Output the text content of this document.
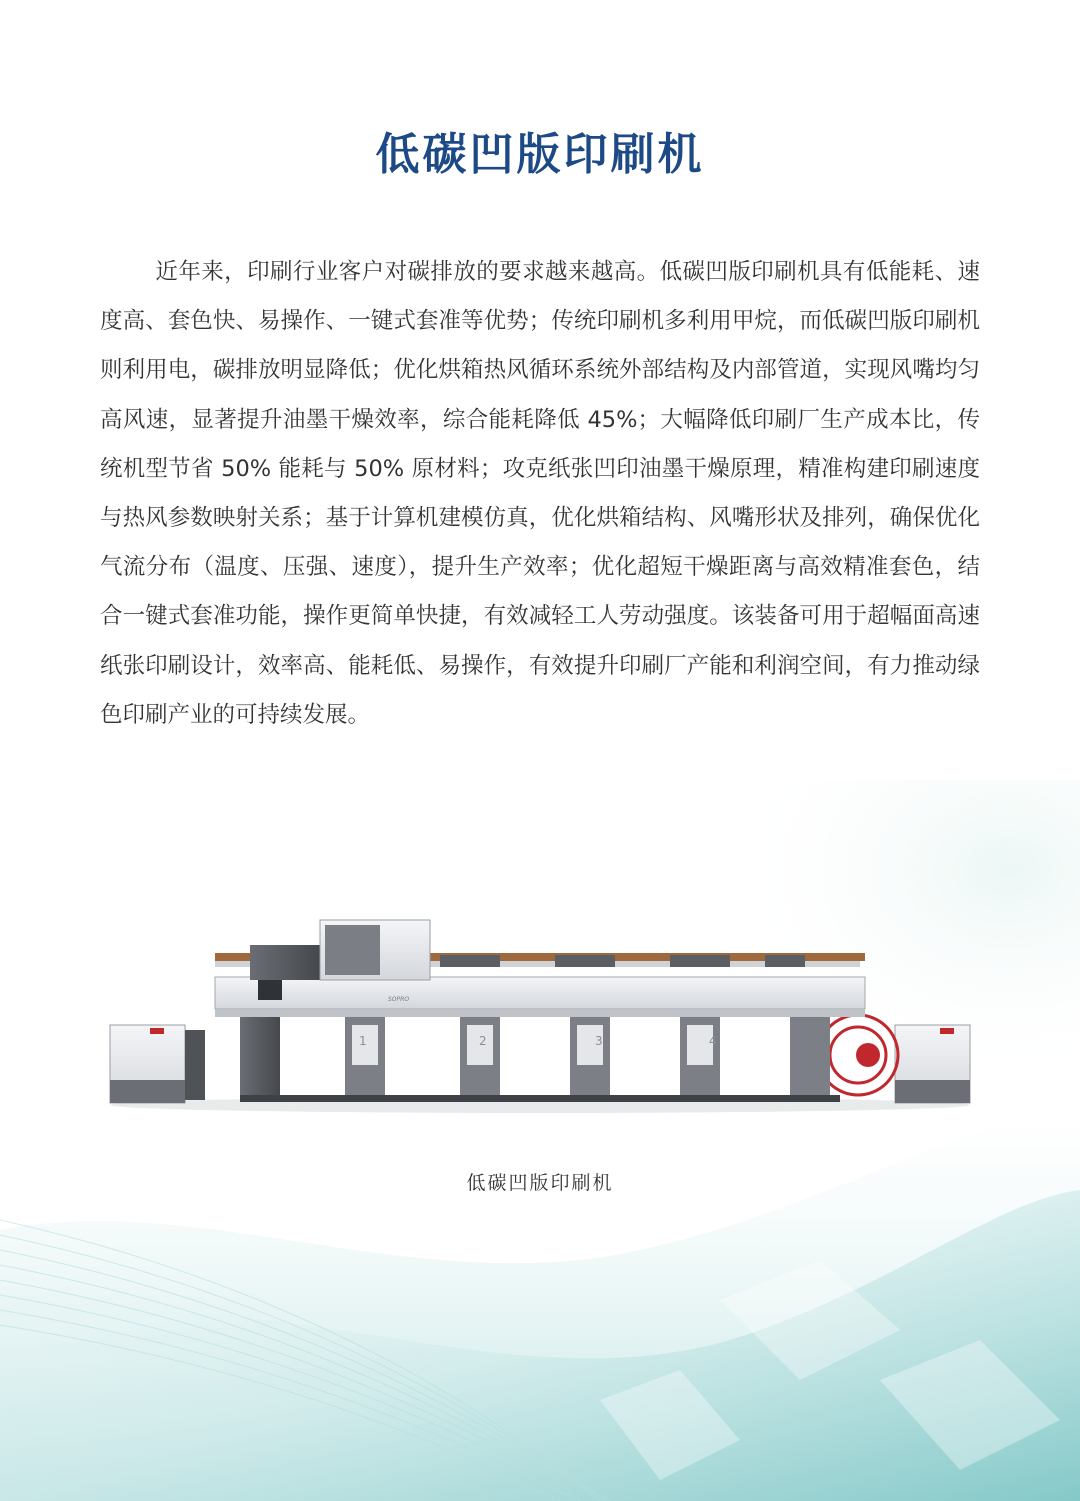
低碳凹版印刷机

近年来，印刷行业客户对碳排放的要求越来越高。低碳凹版印刷机具有低能耗、速度高、套色快、易操作、一键式套准等优势；传统印刷机多利用甲烷，而低碳凹版印刷机则利用电，碳排放明显降低；优化烘箱热风循环系统外部结构及内部管道，实现风嘴均匀高风速，显著提升油墨干燥效率，综合能耗降低 45%；大幅降低印刷厂生产成本比，传统机型节省 50% 能耗与 50% 原材料；攻克纸张凹印油墨干燥原理，精准构建印刷速度与热风参数映射关系；基于计算机建模仿真，优化烘箱结构、风嘴形状及排列，确保优化气流分布（温度、压强、速度），提升生产效率；优化超短干燥距离与高效精准套色，结合一键式套准功能，操作更简单快捷，有效减轻工人劳动强度。该装备可用于超幅面高速纸张印刷设计，效率高、能耗低、易操作，有效提升印刷厂产能和利润空间，有力推动绿色印刷产业的可持续发展。

SOPRO
1	2	3	4

低碳凹版印刷机
